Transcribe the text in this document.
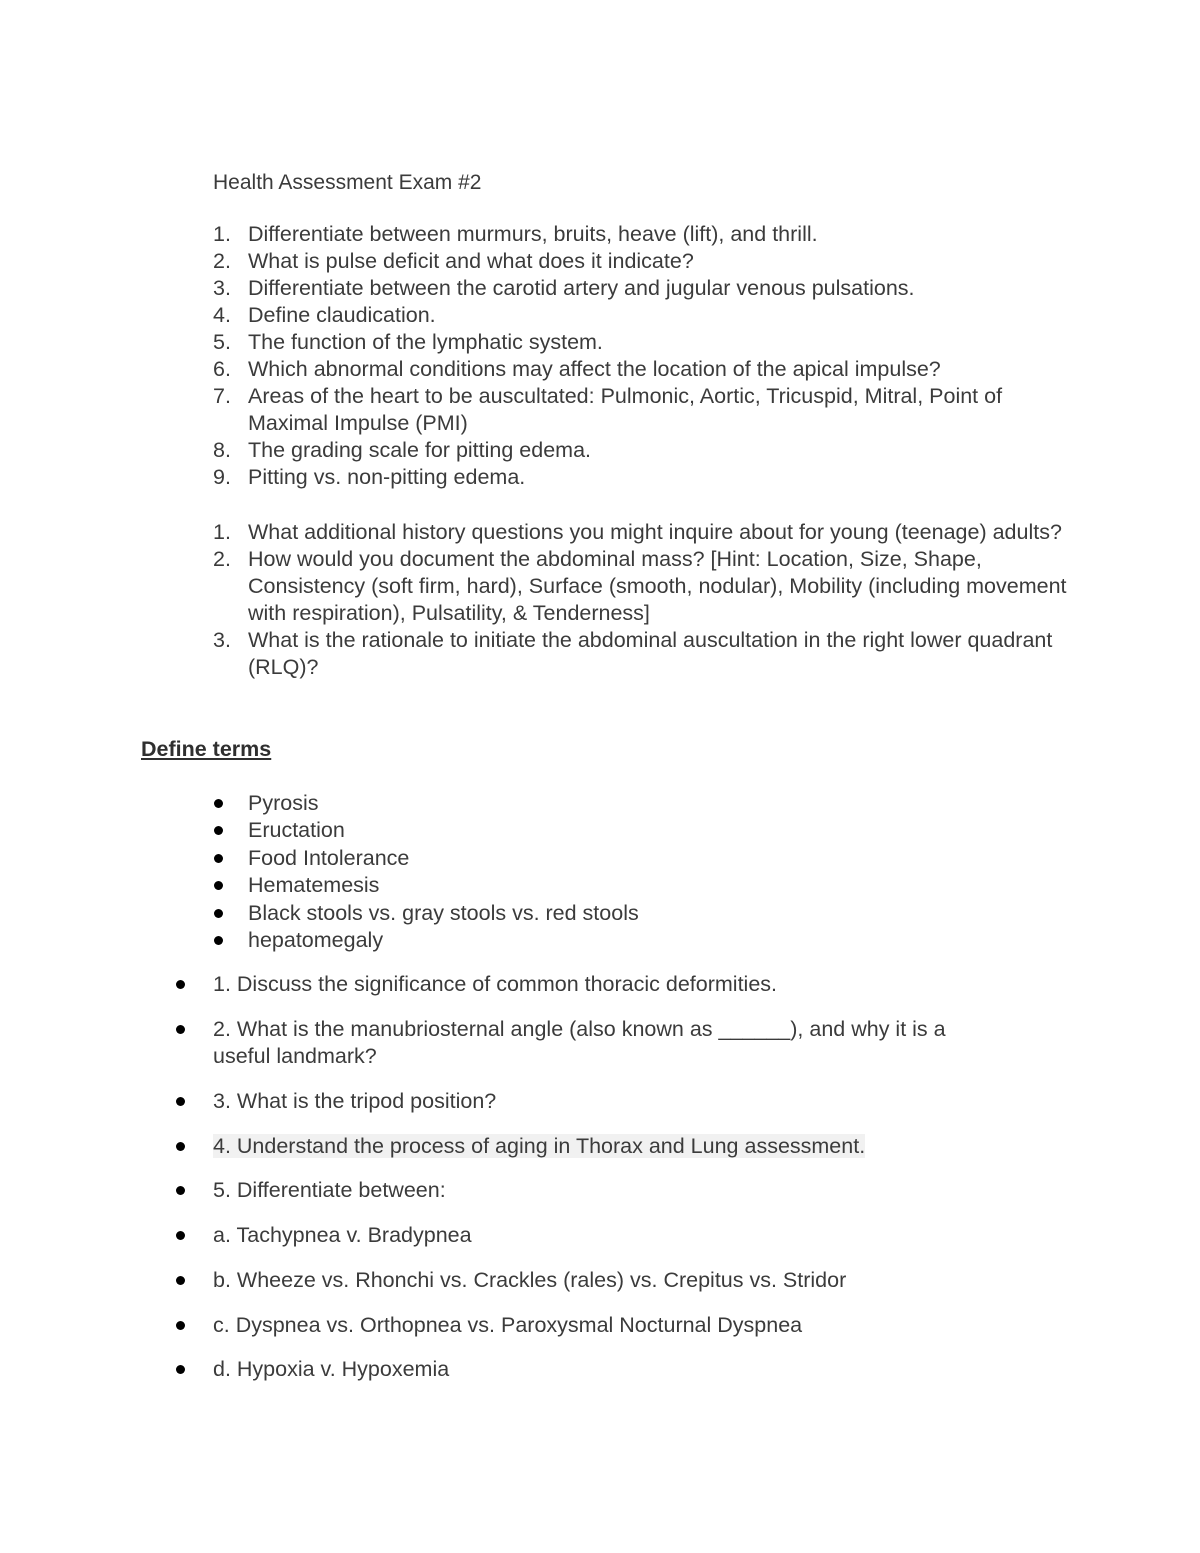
Health Assessment Exam #2
1. Differentiate between murmurs, bruits, heave (lift), and thrill.
2. What is pulse deficit and what does it indicate?
3. Differentiate between the carotid artery and jugular venous pulsations.
4. Define claudication.
5. The function of the lymphatic system.
6. Which abnormal conditions may affect the location of the apical impulse?
7. Areas of the heart to be auscultated: Pulmonic, Aortic, Tricuspid, Mitral, Point of Maximal Impulse (PMI)
8. The grading scale for pitting edema.
9. Pitting vs. non-pitting edema.
1. What additional history questions you might inquire about for young (teenage) adults?
2. How would you document the abdominal mass? [Hint: Location, Size, Shape, Consistency (soft firm, hard), Surface (smooth, nodular), Mobility (including movement with respiration), Pulsatility, & Tenderness]
3. What is the rationale to initiate the abdominal auscultation in the right lower quadrant (RLQ)?
Define terms
Pyrosis
Eructation
Food Intolerance
Hematemesis
Black stools vs. gray stools vs. red stools
hepatomegaly
1. Discuss the significance of common thoracic deformities.
2. What is the manubriosternal angle (also known as ______), and why it is a useful landmark?
3. What is the tripod position?
4. Understand the process of aging in Thorax and Lung assessment.
5. Differentiate between:
a. Tachypnea v. Bradypnea
b. Wheeze vs. Rhonchi vs. Crackles (rales) vs. Crepitus vs. Stridor
c. Dyspnea vs. Orthopnea vs. Paroxysmal Nocturnal Dyspnea
d. Hypoxia v. Hypoxemia
